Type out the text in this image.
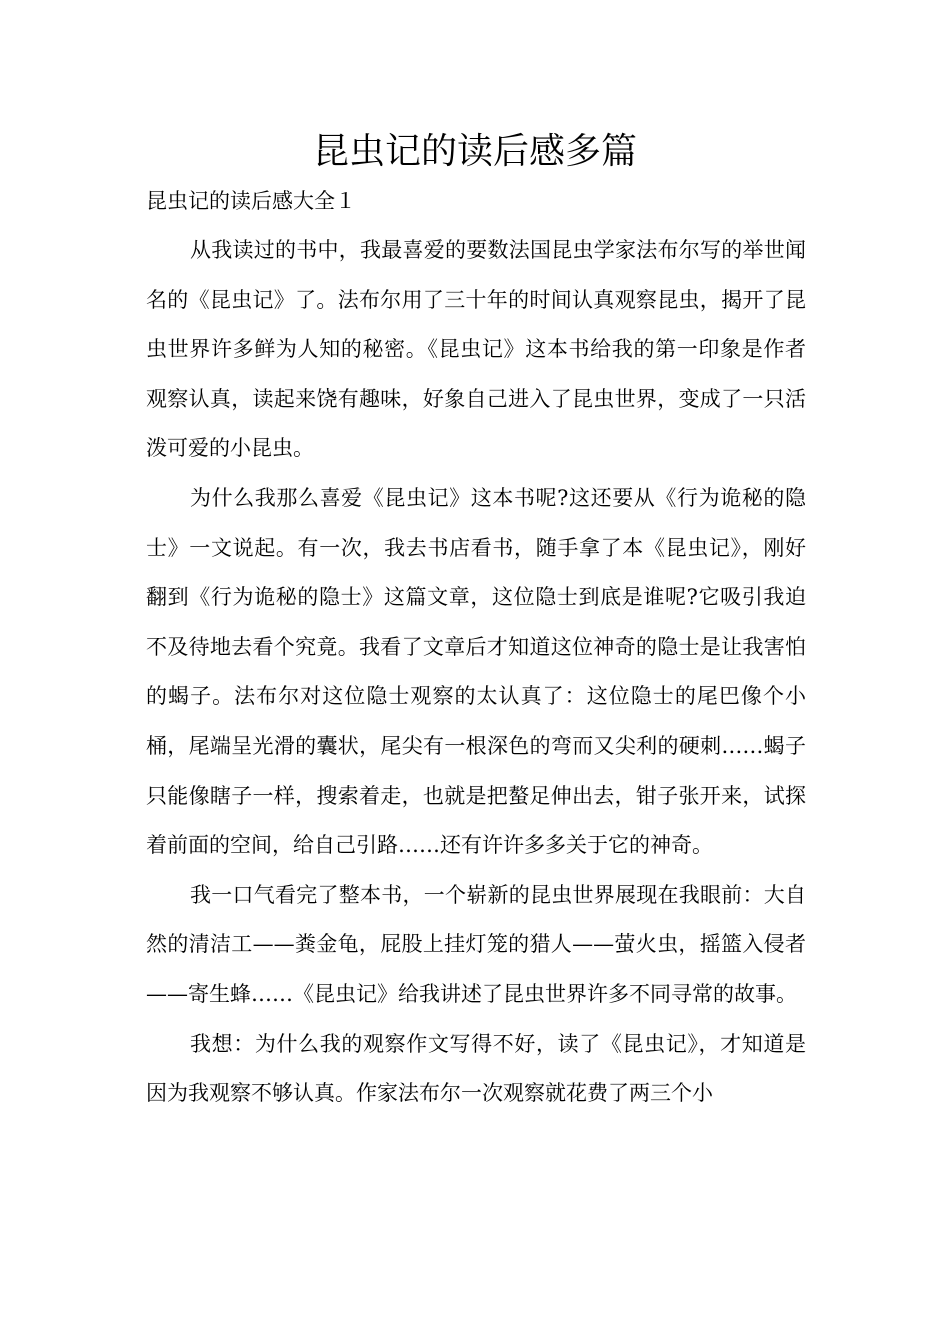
昆虫记的读后感多篇

昆虫记的读后感大全１

从我读过的书中，我最喜爱的要数法国昆虫学家法布尔写的举世闻名的《昆虫记》了。法布尔用了三十年的时间认真观察昆虫，揭开了昆虫世界许多鲜为人知的秘密。《昆虫记》这本书给我的第一印象是作者观察认真，读起来饶有趣味，好象自己进入了昆虫世界，变成了一只活泼可爱的小昆虫。

为什么我那么喜爱《昆虫记》这本书呢?这还要从《行为诡秘的隐士》一文说起。有一次，我去书店看书，随手拿了本《昆虫记》，刚好翻到《行为诡秘的隐士》这篇文章，这位隐士到底是谁呢?它吸引我迫不及待地去看个究竟。我看了文章后才知道这位神奇的隐士是让我害怕的蝎子。法布尔对这位隐士观察的太认真了：这位隐士的尾巴像个小桶，尾端呈光滑的囊状，尾尖有一根深色的弯而又尖利的硬刺……蝎子只能像瞎子一样，搜索着走，也就是把螯足伸出去，钳子张开来，试探着前面的空间，给自己引路……还有许许多多关于它的神奇。

我一口气看完了整本书，一个崭新的昆虫世界展现在我眼前：大自然的清洁工——粪金龟，屁股上挂灯笼的猎人——萤火虫，摇篮入侵者——寄生蜂……《昆虫记》给我讲述了昆虫世界许多不同寻常的故事。

我想：为什么我的观察作文写得不好，读了《昆虫记》，才知道是因为我观察不够认真。作家法布尔一次观察就花费了两三个小
